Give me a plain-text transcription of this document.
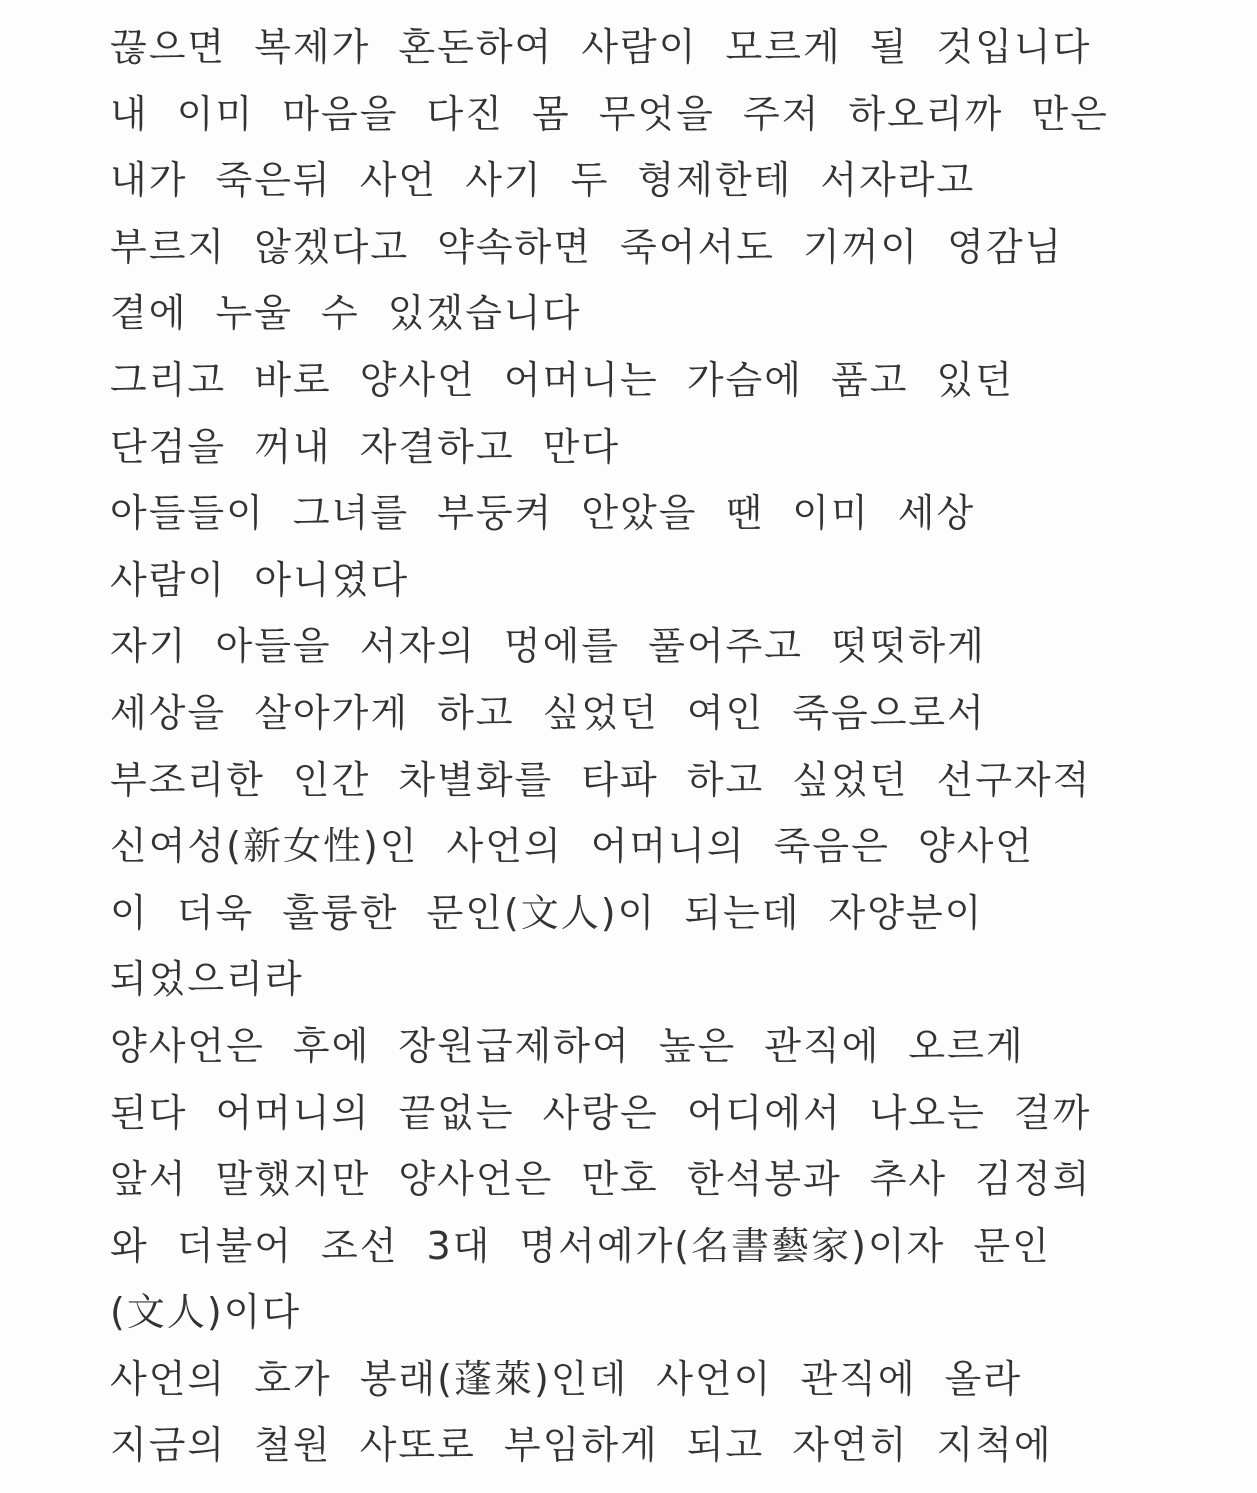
끊으면 복제가 혼돈하여 사람이 모르게 될 것입니다
내 이미 마음을 다진 몸 무엇을 주저 하오리까 만은
내가 죽은뒤 사언 사기 두 형제한테 서자라고
부르지 않겠다고 약속하면 죽어서도 기꺼이 영감님
곁에 누울 수 있겠습니다
그리고 바로 양사언 어머니는 가슴에 품고 있던
단검을 꺼내 자결하고 만다
아들들이 그녀를 부둥켜 안았을 땐 이미 세상
사람이 아니였다
자기 아들을 서자의 멍에를 풀어주고 떳떳하게
세상을 살아가게 하고 싶었던 여인 죽음으로서
부조리한 인간 차별화를 타파 하고 싶었던 선구자적
신여성(新女性)인 사언의 어머니의 죽음은 양사언
이 더욱 훌륭한 문인(文人)이 되는데 자양분이
되었으리라
양사언은 후에 장원급제하여 높은 관직에 오르게
된다 어머니의 끝없는 사랑은 어디에서 나오는 걸까
앞서 말했지만 양사언은 만호 한석봉과 추사 김정희
와 더불어 조선 3대 명서예가(名書藝家)이자 문인
(文人)이다
사언의 호가 봉래(蓬萊)인데 사언이 관직에 올라
지금의 철원 사또로 부임하게 되고 자연히 지척에
